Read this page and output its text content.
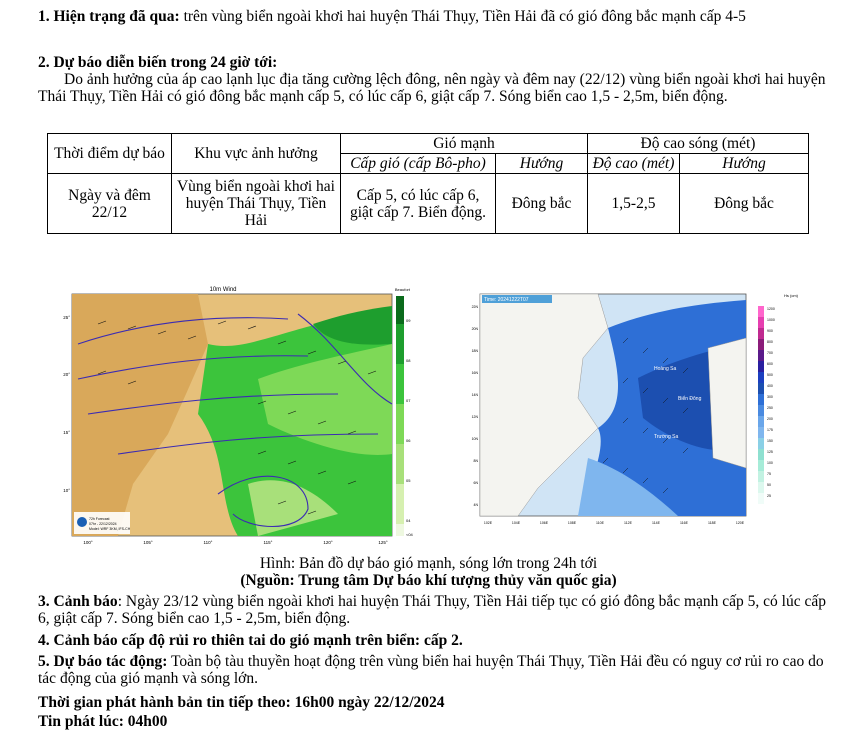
1. Hiện trạng đã qua: trên vùng biển ngoài khơi hai huyện Thái Thụy, Tiền Hải đã có gió đông bắc mạnh cấp 4-5
2. Dự báo diễn biến trong 24 giờ tới:
Do ảnh hưởng của áp cao lạnh lục địa tăng cường lệch đông, nên ngày và đêm nay (22/12) vùng biển ngoài khơi hai huyện Thái Thụy, Tiền Hải có gió đông bắc mạnh cấp 5, có lúc cấp 6, giật cấp 7. Sóng biển cao 1,5 - 2,5m, biển động.
Thời điểm dự báo	Khu vực ảnh hưởng	Gió mạnh		Độ cao sóng (mét)	
		Cấp gió (cấp Bô-pho)	Hướng	Độ cao (mét)	Hướng
Ngày và đêm 22/12	Vùng biển ngoài khơi hai huyện Thái Thụy, Tiền Hải	Cấp 5, có lúc cấp 6, giật cấp 7. Biển động.	Đông bắc	1,5-2,5	Đông bắc
10m Wind	Beaufort
25°
20°
15°
10°
100°	105°	110°	115°	120°	125°
09
08
07
06
05
04
<04
72h Forecast
07hr - 22/12/2024
Model: WRF 3KM, IFS-CH
Time: 20241222T07
Hs (cm)
Hoàng Sa
Biển Đông
Trường Sa
22N
20N
18N
16N
14N
12N
10N
8N
6N
4N
102E	104E	106E	108E	110E	112E	114E	116E	118E	120E
1200
1000
900
800
700
600
500
400
300
250
200
175
150
125
100
75
50
25
Hình: Bản đồ dự báo gió mạnh, sóng lớn trong 24h tới
(Nguồn: Trung tâm Dự báo khí tượng thủy văn quốc gia)
3. Cảnh báo: Ngày 23/12 vùng biển ngoài khơi hai huyện Thái Thụy, Tiền Hải tiếp tục có gió đông bắc mạnh cấp 5, có lúc cấp 6, giật cấp 7. Sóng biển cao 1,5 - 2,5m, biển động.
4. Cảnh báo cấp độ rủi ro thiên tai do gió mạnh trên biển: cấp 2.
5. Dự báo tác động: Toàn bộ tàu thuyền hoạt động trên vùng biển hai huyện Thái Thụy, Tiền Hải đều có nguy cơ rủi ro cao do tác động của gió mạnh và sóng lớn.
Thời gian phát hành bản tin tiếp theo: 16h00 ngày 22/12/2024
Tin phát lúc: 04h00
